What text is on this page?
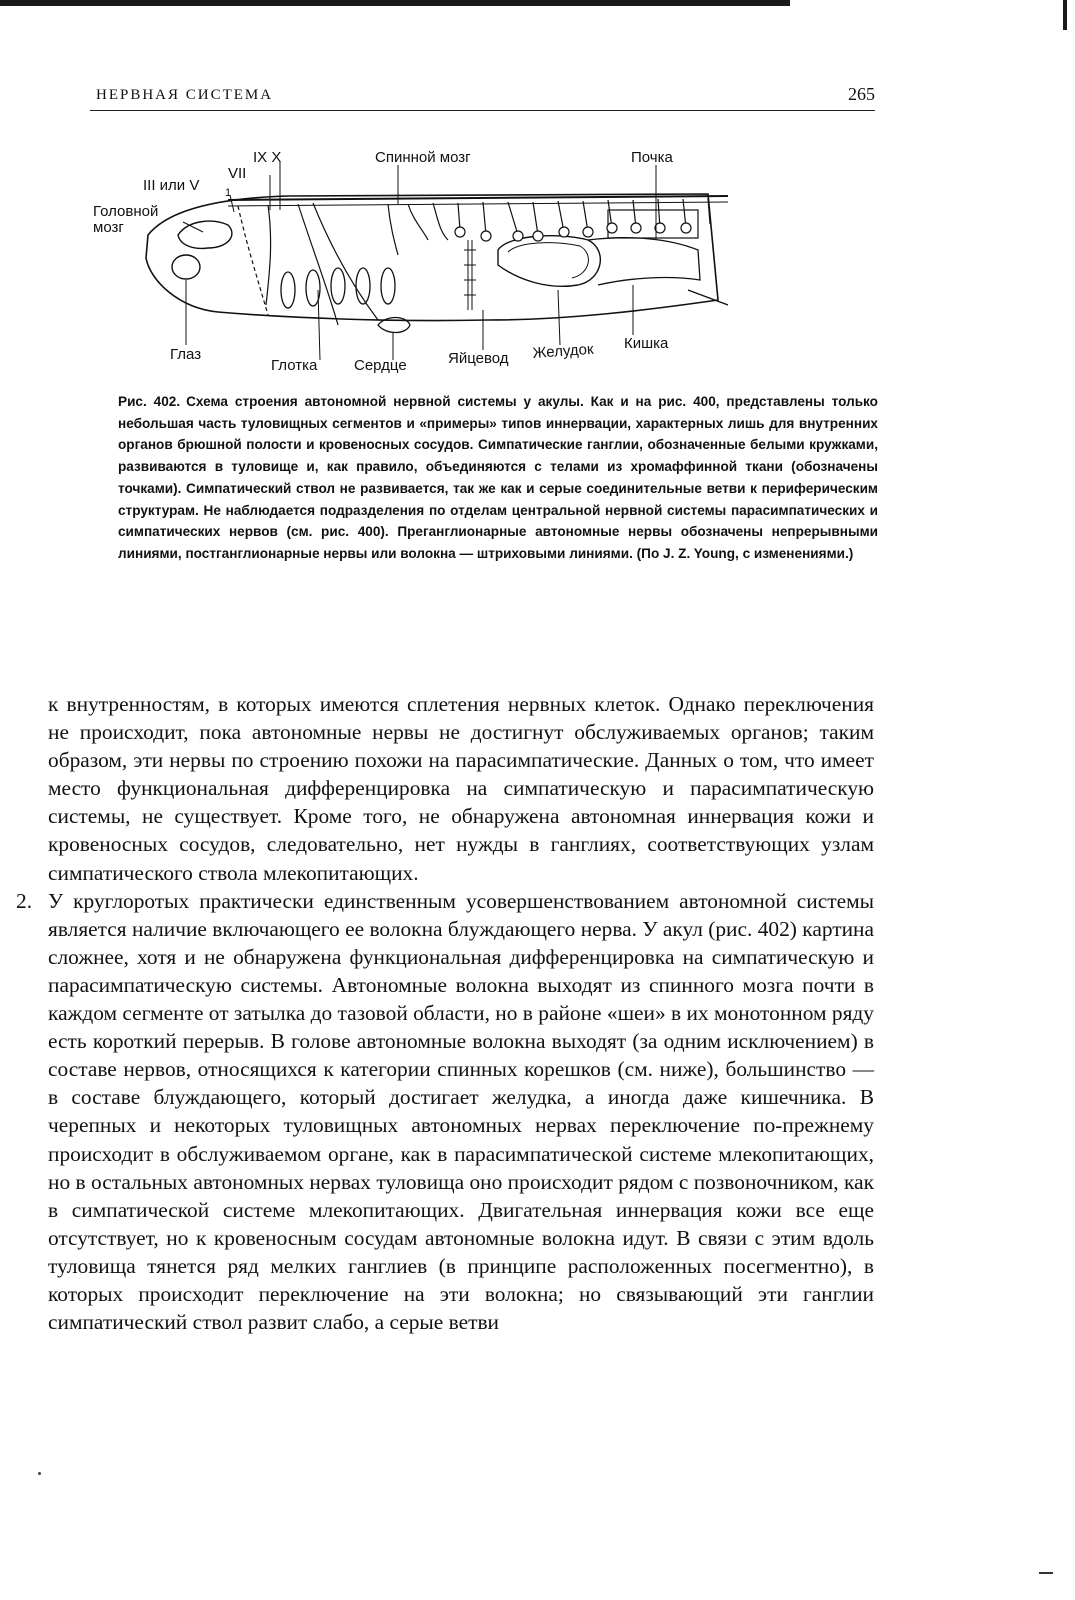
НЕРВНАЯ СИСТЕМА	265
IX X
VII
III или V 1
Спинной мозг	Почка
Головной
мозг
Глаз
Глотка Сердце	Яйцевод Желудок Кишка

Рис. 402. Схема строения автономной нервной системы у акулы. Как и на рис. 400, представлены только небольшая часть туловищных сегментов и «примеры» типов иннервации, характерных лишь для внутренних органов брюшной полости и кровеносных сосудов. Симпатические ганглии, обозначенные белыми кружками, развиваются в туловище и, как правило, объединяются с телами из хромаффинной ткани (обозначены точками). Симпатический ствол не развивается, так же как и серые соединительные ветви к периферическим структурам. Не наблюдается подразделения по отделам центральной нервной системы парасимпатических и симпатических нервов (см. рис. 400). Преганглионарные автономные нервы обозначены непрерывными линиями, постганглионарные нервы или волокна — штриховыми линиями. (По J. Z. Young, с изменениями.)

к внутренностям, в которых имеются сплетения нервных клеток. Однако переключения не происходит, пока автономные нервы не достигнут обслуживаемых органов; таким образом, эти нервы по строению похожи на парасимпатические. Данных о том, что имеет место функциональная дифференцировка на симпатическую и парасимпатическую системы, не существует. Кроме того, не обнаружена автономная иннервация кожи и кровеносных сосудов, следовательно, нет нужды в ганглиях, соответствующих узлам симпатического ствола млекопитающих.

2. У круглоротых практически единственным усовершенствованием автономной системы является наличие включающего ее волокна блуждающего нерва. У акул (рис. 402) картина сложнее, хотя и не обнаружена функциональная дифференцировка на симпатическую и парасимпатическую системы. Автономные волокна выходят из спинного мозга почти в каждом сегменте от затылка до тазовой области, но в районе «шеи» в их монотонном ряду есть короткий перерыв. В голове автономные волокна выходят (за одним исключением) в составе нервов, относящихся к категории спинных корешков (см. ниже), большинство — в составе блуждающего, который достигает желудка, а иногда даже кишечника. В черепных и некоторых туловищных автономных нервах переключение по-прежнему происходит в обслуживаемом органе, как в парасимпатической системе млекопитающих, но в остальных автономных нервах туловища оно происходит рядом с позвоночником, как в симпатической системе млекопитающих. Двигательная иннервация кожи все еще отсутствует, но к кровеносным сосудам автономные волокна идут. В связи с этим вдоль туловища тянется ряд мелких ганглиев (в принципе расположенных посегментно), в которых происходит переключение на эти волокна; но связывающий эти ганглии симпатический ствол развит слабо, а серые ветви
